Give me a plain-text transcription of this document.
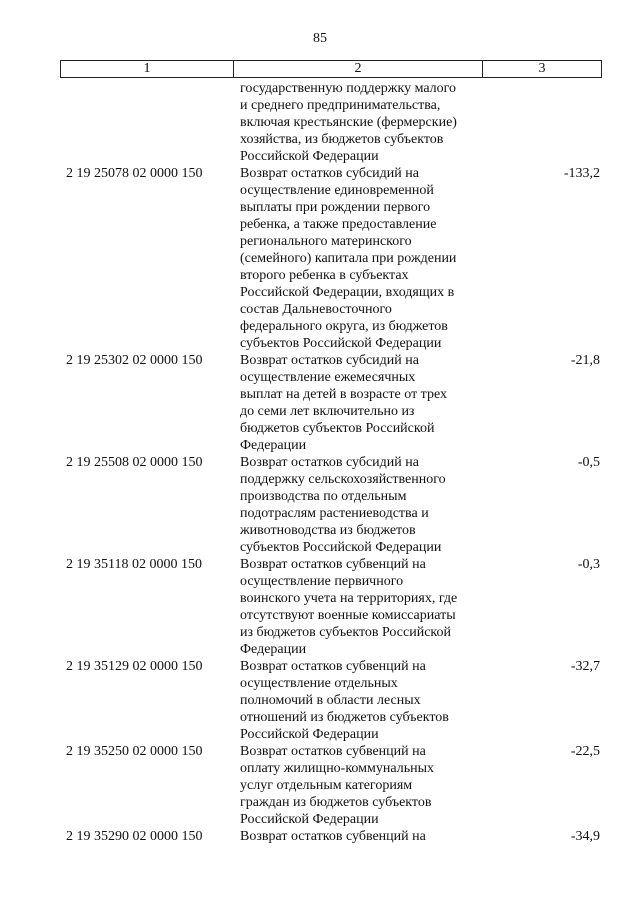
85
1	2	3
государственную поддержку малого
и среднего предпринимательства,
включая крестьянские (фермерские)
хозяйства, из бюджетов субъектов
Российской Федерации
2 19 25078 02 0000 150	Возврат остатков субсидий на
осуществление единовременной
выплаты при рождении первого
ребенка, а также предоставление
регионального материнского
(семейного) капитала при рождении
второго ребенка в субъектах
Российской Федерации, входящих в
состав Дальневосточного
федерального округа, из бюджетов
субъектов Российской Федерации
-133,2
2 19 25302 02 0000 150	Возврат остатков субсидий на
осуществление ежемесячных
выплат на детей в возрасте от трех
до семи лет включительно из
бюджетов субъектов Российской
Федерации
-21,8
2 19 25508 02 0000 150	Возврат остатков субсидий на
поддержку сельскохозяйственного
производства по отдельным
подотраслям растениеводства и
животноводства из бюджетов
субъектов Российской Федерации
-0,5
2 19 35118 02 0000 150	Возврат остатков субвенций на
осуществление первичного
воинского учета на территориях, где
отсутствуют военные комиссариаты
из бюджетов субъектов Российской
Федерации
-0,3
2 19 35129 02 0000 150	Возврат остатков субвенций на
осуществление отдельных
полномочий в области лесных
отношений из бюджетов субъектов
Российской Федерации
-32,7
2 19 35250 02 0000 150	Возврат остатков субвенций на
оплату жилищно-коммунальных
услуг отдельным категориям
граждан из бюджетов субъектов
Российской Федерации
-22,5
2 19 35290 02 0000 150	Возврат остатков субвенций на	-34,9
